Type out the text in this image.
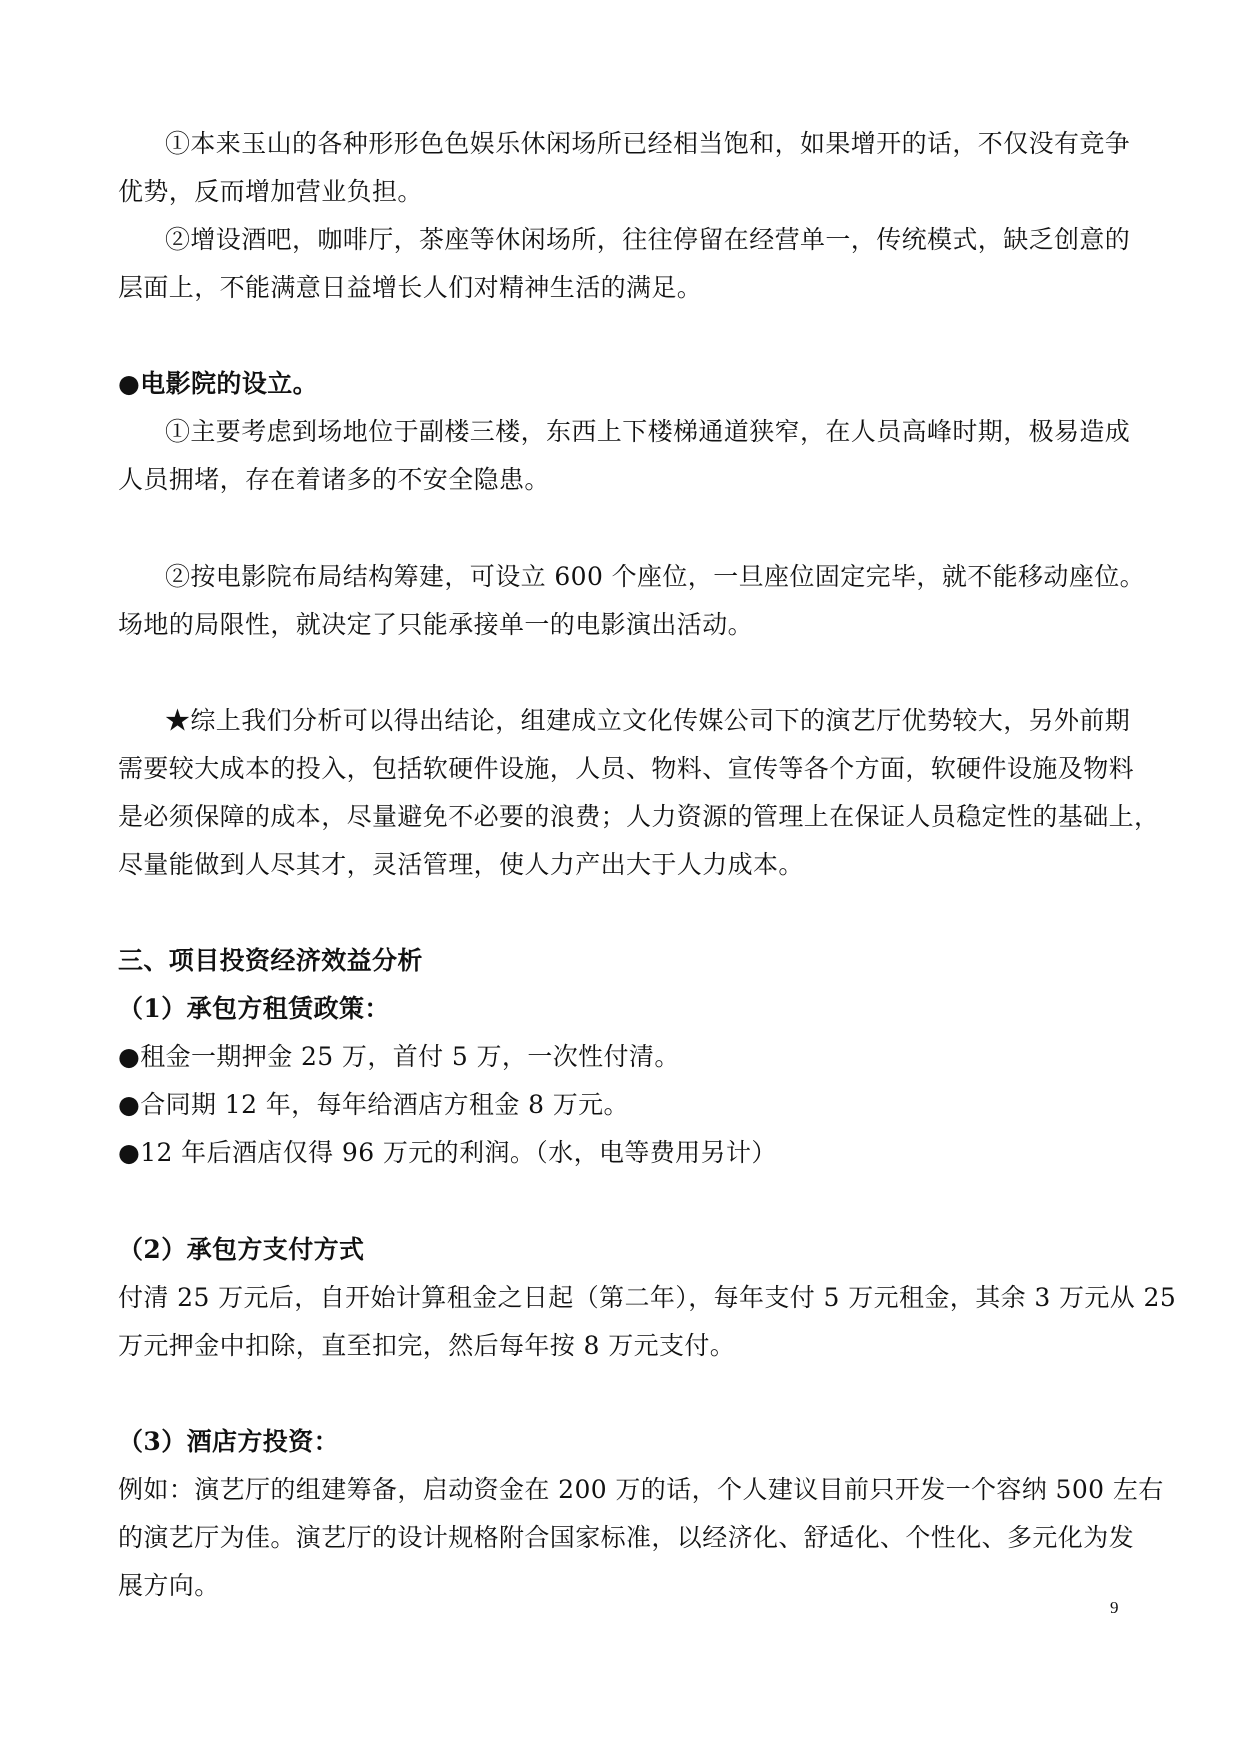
①本来玉山的各种形形色色娱乐休闲场所已经相当饱和，如果增开的话，不仅没有竞争
优势，反而增加营业负担。
②增设酒吧，咖啡厅，茶座等休闲场所，往往停留在经营单一，传统模式，缺乏创意的
层面上，不能满意日益增长人们对精神生活的满足。
●电影院的设立。
①主要考虑到场地位于副楼三楼，东西上下楼梯通道狭窄，在人员高峰时期，极易造成
人员拥堵，存在着诸多的不安全隐患。
②按电影院布局结构筹建，可设立 600 个座位，一旦座位固定完毕，就不能移动座位。
场地的局限性，就决定了只能承接单一的电影演出活动。
★综上我们分析可以得出结论，组建成立文化传媒公司下的演艺厅优势较大，另外前期
需要较大成本的投入，包括软硬件设施，人员、物料、宣传等各个方面，软硬件设施及物料
是必须保障的成本，尽量避免不必要的浪费；人力资源的管理上在保证人员稳定性的基础上，
尽量能做到人尽其才，灵活管理，使人力产出大于人力成本。
三、项目投资经济效益分析
（1）承包方租赁政策：
●租金一期押金 25 万，首付 5 万，一次性付清。
●合同期 12 年，每年给酒店方租金 8 万元。
●12 年后酒店仅得 96 万元的利润。（水，电等费用另计）
（2）承包方支付方式
付清 25 万元后，自开始计算租金之日起（第二年），每年支付 5 万元租金，其余 3 万元从 25
万元押金中扣除，直至扣完，然后每年按 8 万元支付。
（3）酒店方投资：
例如：演艺厅的组建筹备，启动资金在 200 万的话，个人建议目前只开发一个容纳 500 左右
的演艺厅为佳。演艺厅的设计规格附合国家标准，以经济化、舒适化、个性化、多元化为发
展方向。
9
